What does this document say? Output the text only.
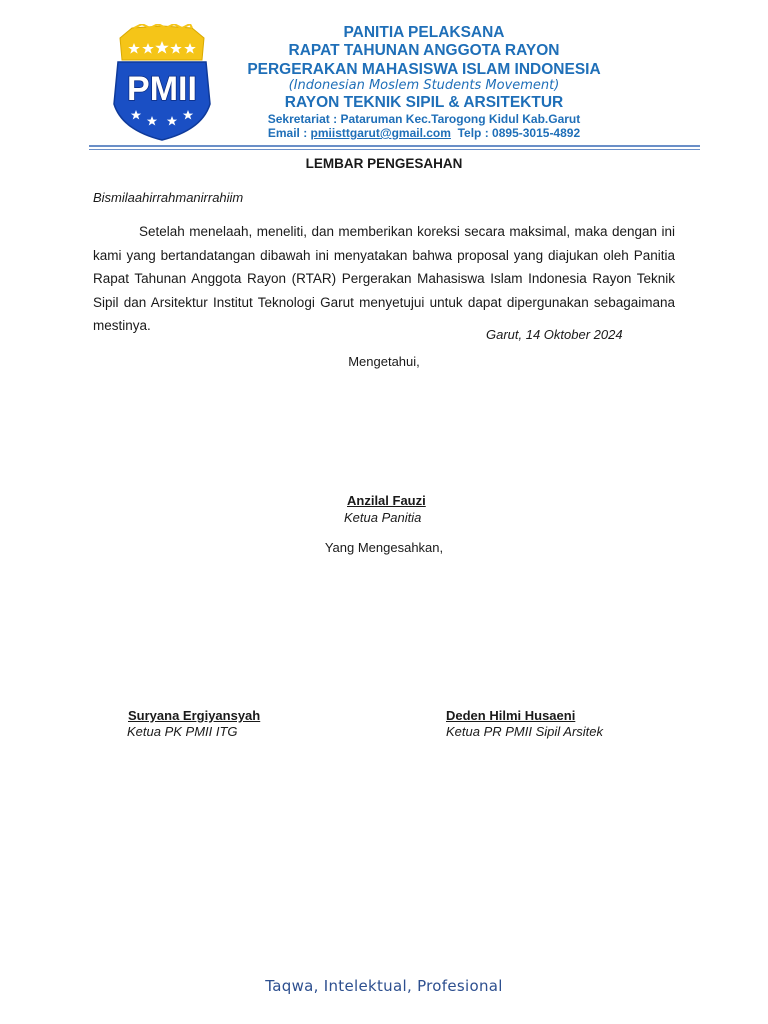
PMII
PANITIA PELAKSANA
RAPAT TAHUNAN ANGGOTA RAYON
PERGERAKAN MAHASISWA ISLAM INDONESIA
(Indonesian Moslem Students Movement)
RAYON TEKNIK SIPIL & ARSITEKTUR
Sekretariat : Pataruman Kec.Tarogong Kidul Kab.Garut
Email : pmiisttgarut@gmail.com Telp : 0895-3015-4892
LEMBAR PENGESAHAN
Bismilaahirrahmanirrahiim

Setelah menelaah, meneliti, dan memberikan koreksi secara maksimal, maka dengan ini kami yang bertandatangan dibawah ini menyatakan bahwa proposal yang diajukan oleh Panitia Rapat Tahunan Anggota Rayon (RTAR) Pergerakan Mahasiswa Islam Indonesia Rayon Teknik Sipil dan Arsitektur Institut Teknologi Garut menyetujui untuk dapat dipergunakan sebagaimana mestinya.

Garut, 14 Oktober 2024
Mengetahui,
Anzilal Fauzi
Ketua Panitia
Yang Mengesahkan,
Suryana Ergiyansyah
Ketua PK PMII ITG
Deden Hilmi Husaeni
Ketua PR PMII Sipil Arsitek
Taqwa, Intelektual, Profesional
